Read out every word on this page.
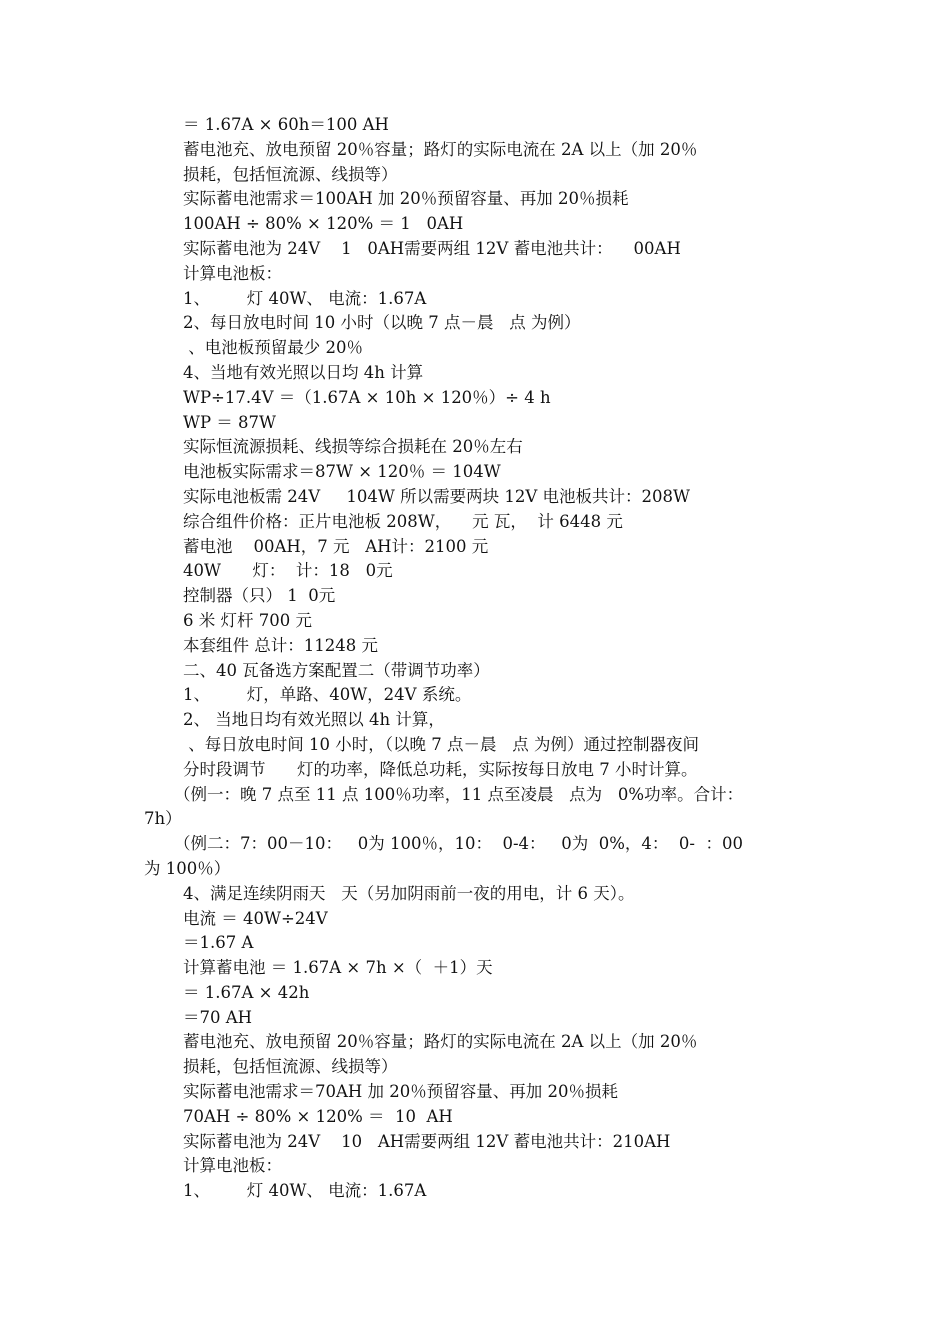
＝ 1.67A × 60h＝100 AH
蓄电池充、放电预留 20％容量；路灯的实际电流在 2A 以上（加 20％
损耗，包括恒流源、线损等）
实际蓄电池需求＝100AH 加 20％预留容量、再加 20％损耗
100AH ÷ 80% × 120% ＝ 1   0AH
实际蓄电池为 24V    1   0AH需要两组 12V 蓄电池共计：    00AH
计算电池板：
1、       灯 40W、 电流：1.67A
2、每日放电时间 10 小时（以晚 7 点－晨   点 为例）
、电池板预留最少 20％
4、当地有效光照以日均 4h 计算
WP÷17.4V ＝（1.67A × 10h × 120％）÷ 4 h
WP ＝ 87W
实际恒流源损耗、线损等综合损耗在 20％左右
电池板实际需求＝87W × 120％ ＝ 104W
实际电池板需 24V     104W 所以需要两块 12V 电池板共计：208W
综合组件价格：正片电池板 208W，    元 瓦，  计 6448 元
蓄电池    00AH，7 元   AH计：2100 元
40W      灯：  计：18   0元
控制器（只） 1  0元
6 米 灯杆 700 元
本套组件 总计：11248 元
二、40 瓦备选方案配置二（带调节功率）
1、       灯，单路、40W，24V 系统。
2、 当地日均有效光照以 4h 计算，
、每日放电时间 10 小时，（以晚 7 点－晨   点 为例）通过控制器夜间
分时段调节      灯的功率，降低总功耗，实际按每日放电 7 小时计算。
（例一：晚 7 点至 11 点 100％功率，11 点至凌晨   点为   0%功率。合计：
7h）
（例二：7：00－10：   0为 100％，10：  0-4：   0为  0%，4：  0-  ：00
为 100％）
4、满足连续阴雨天   天（另加阴雨前一夜的用电，计 6 天）。
电流 ＝ 40W÷24V
＝1.67 A
计算蓄电池 ＝ 1.67A × 7h ×（  ＋1）天
＝ 1.67A × 42h
＝70 AH
蓄电池充、放电预留 20％容量；路灯的实际电流在 2A 以上（加 20％
损耗，包括恒流源、线损等）
实际蓄电池需求＝70AH 加 20％预留容量、再加 20％损耗
70AH ÷ 80% × 120% ＝  10  AH
实际蓄电池为 24V    10   AH需要两组 12V 蓄电池共计：210AH
计算电池板：
1、       灯 40W、 电流：1.67A
